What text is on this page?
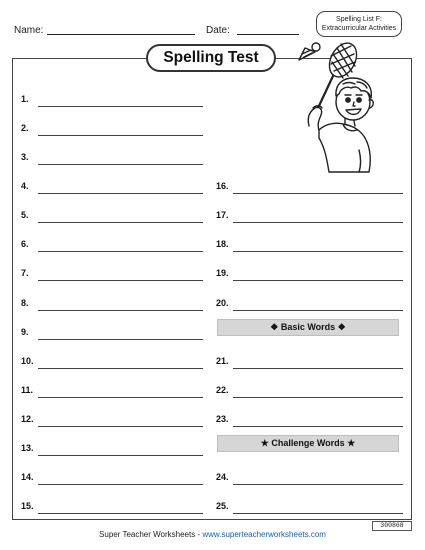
Name:	Date:
Spelling List F:
Extracurricular Activities
Spelling Test
1.
2.
3.
4.
5.
6.
7.
8.
9.
10.
11.
12.
13.
14.
15.
16.
17.
18.
19.
20.
❖ Basic Words ❖
21.
22.
23.
★ Challenge Words ★
24.
25.
300868
Super Teacher Worksheets - www.superteacherworksheets.com
